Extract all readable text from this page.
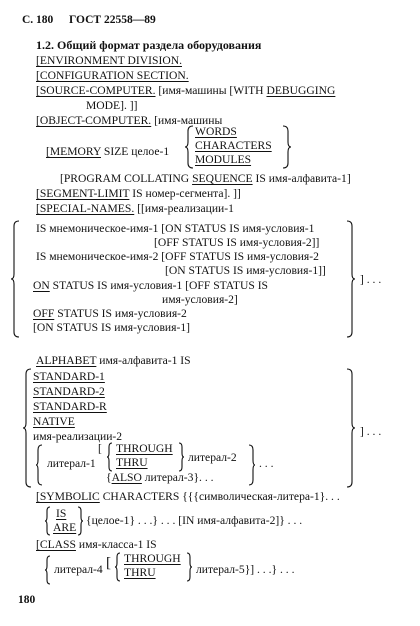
С. 180 ГОСТ 22558—89
1.2. Общий формат раздела оборудования
[ENVIRONMENT DIVISION.
[CONFIGURATION SECTION.
[SOURCE-COMPUTER. [имя-машины [WITH DEBUGGING
MODE]. ]]
[OBJECT-COMPUTER. [имя-машины
[MEMORY SIZE целое-1
WORDS
CHARACTERS
MODULES
[PROGRAM COLLATING SEQUENCE IS имя-алфавита-1]
[SEGMENT-LIMIT IS номер-сегмента]. ]]
[SPECIAL-NAMES. [[имя-реализации-1
IS мнемоническое-имя-1 [ON STATUS IS имя-условия-1
[OFF STATUS IS имя-условия-2]]
IS мнемоническое-имя-2 [OFF STATUS IS имя-условия-2
[ON STATUS IS имя-условия-1]]
ON STATUS IS имя-условия-1 [OFF STATUS IS
имя-условия-2]
OFF STATUS IS имя-условия-2
[ON STATUS IS имя-условия-1]
] . . .
ALPHABET имя-алфавита-1 IS
STANDARD-1
STANDARD-2
STANDARD-R
NATIVE
имя-реализации-2
литерал-1
[ THROUGH
THRU	литерал-2
{ALSO литерал-3}. . .
. . .
] . . .
[SYMBOLIC CHARACTERS {{{символическая-литера-1}. . .
IS
ARE
{целое-1} . . .} . . . [IN имя-алфавита-2]} . . .
[CLASS имя-класса-1 IS
литерал-4 [ THROUGH
THRU	литерал-5}] . . .} . . .
180
